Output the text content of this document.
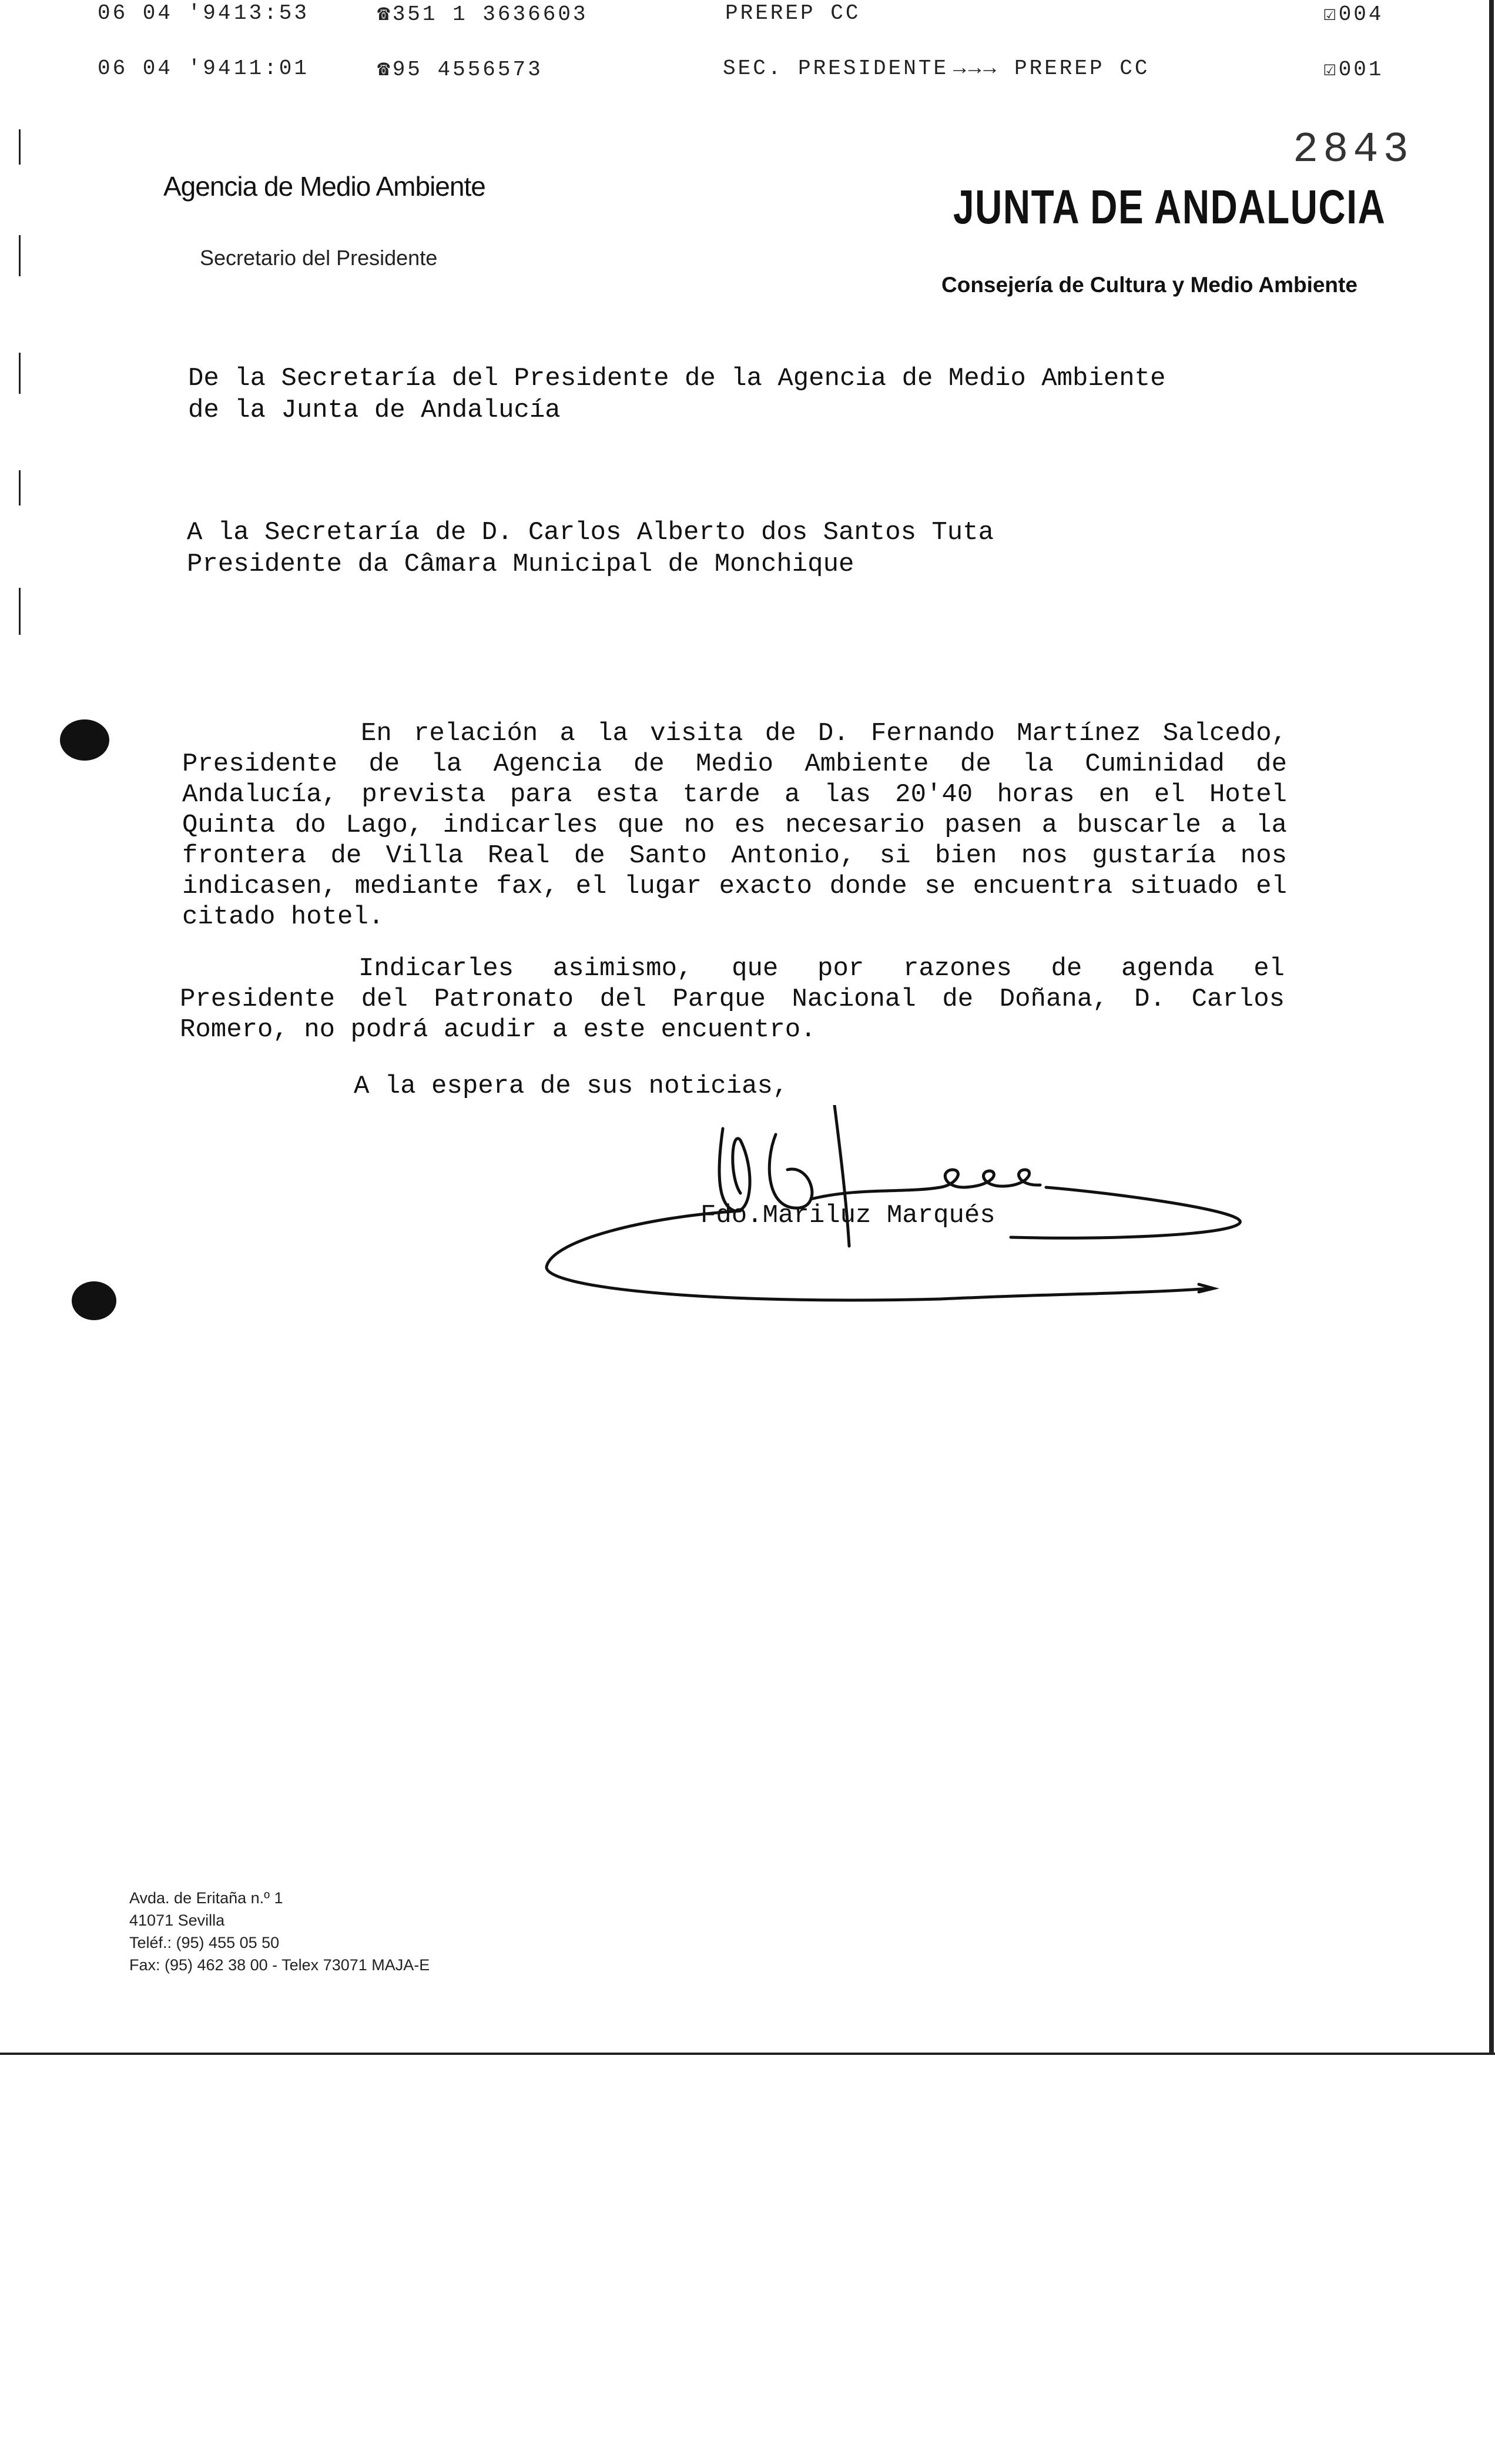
06 04 '94 13:53	☎351 1 3636603	PREREP CC	☑004
06 04 '94 11:01	☎95 4556573	SEC. PRESIDENTE →→→ PREREP CC	☑001
2843
Agencia de Medio Ambiente
Secretario del Presidente
JUNTA DE ANDALUCIA
Consejería de Cultura y Medio Ambiente
De la Secretaría del Presidente de la Agencia de Medio Ambiente
de la Junta de Andalucía
A la Secretaría de D. Carlos Alberto dos Santos Tuta
Presidente da Câmara Municipal de Monchique
En relación a la visita de D. Fernando Martínez Salcedo, Presidente de la Agencia de Medio Ambiente de la Cuminidad de Andalucía, prevista para esta tarde a las 20'40 horas en el Hotel Quinta do Lago, indicarles que no es necesario pasen a buscarle a la frontera de Villa Real de Santo Antonio, si bien nos gustaría nos indicasen, mediante fax, el lugar exacto donde se encuentra situado el citado hotel.
Indicarles asimismo, que por razones de agenda el Presidente del Patronato del Parque Nacional de Doñana, D. Carlos Romero, no podrá acudir a este encuentro.
A la espera de sus noticias,
Fdo.Mariluz Marqués
Avda. de Eritaña n.º 1
41071 Sevilla
Teléf.: (95) 455 05 50
Fax: (95) 462 38 00 - Telex 73071 MAJA-E
